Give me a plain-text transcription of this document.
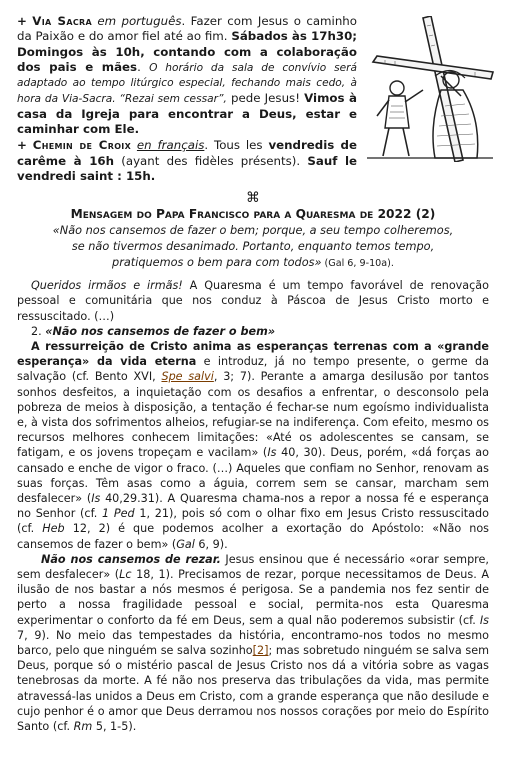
+ Via Sacra em português. Fazer com Jesus o caminho da Paixão e do amor fiel até ao fim. Sábados às 17h30; Domingos às 10h, contando com a colaboração dos pais e mães. O horário da sala de convívio será adaptado ao tempo litúrgico especial, fechando mais cedo, à hora da Via-Sacra. “Rezai sem cessar”, pede Jesus! Vimos à casa da Igreja para encontrar a Deus, estar e caminhar com Ele.
+ Chemin de Croix en français. Tous les vendredis de carême à 16h (ayant des fidèles présents). Sauf le vendredi saint : 15h.
⌘
Mensagem do Papa Francisco para a Quaresma de 2022 (2)

«Não nos cansemos de fazer o bem; porque, a seu tempo colheremos,

se não tivermos desanimado. Portanto, enquanto temos tempo,

pratiquemos o bem para com todos» (Gal 6, 9-10a).

Queridos irmãos e irmãs! A Quaresma é um tempo favorável de renovação pessoal e comunitária que nos conduz à Páscoa de Jesus Cristo morto e ressuscitado. (…)

2. «Não nos cansemos de fazer o bem»

A ressurreição de Cristo anima as esperanças terrenas com a «grande esperança» da vida eterna e introduz, já no tempo presente, o germe da salvação (cf. Bento XVI, Spe salvi, 3; 7). Perante a amarga desilusão por tantos sonhos desfeitos, a inquietação com os desafios a enfrentar, o desconsolo pela pobreza de meios à disposição, a tentação é fechar-se num egoísmo individualista e, à vista dos sofrimentos alheios, refugiar-se na indiferença. Com efeito, mesmo os recursos melhores conhecem limitações: «Até os adolescentes se cansam, se fatigam, e os jovens tropeçam e vacilam» (Is 40, 30). Deus, porém, «dá forças ao cansado e enche de vigor o fraco. (…) Aqueles que confiam no Senhor, renovam as suas forças. Têm asas como a águia, correm sem se cansar, marcham sem desfalecer» (Is 40,29.31). A Quaresma chama-nos a repor a nossa fé e esperança no Senhor (cf. 1 Ped 1, 21), pois só com o olhar fixo em Jesus Cristo ressuscitado (cf. Heb 12, 2) é que podemos acolher a exortação do Apóstolo: «Não nos cansemos de fazer o bem» (Gal 6, 9).

Não nos cansemos de rezar. Jesus ensinou que é necessário «orar sempre, sem desfalecer» (Lc 18, 1). Precisamos de rezar, porque necessitamos de Deus. A ilusão de nos bastar a nós mesmos é perigosa. Se a pandemia nos fez sentir de perto a nossa fragilidade pessoal e social, permita-nos esta Quaresma experimentar o conforto da fé em Deus, sem a qual não poderemos subsistir (cf. Is 7, 9). No meio das tempestades da história, encontramo-nos todos no mesmo barco, pelo que ninguém se salva sozinho[2]; mas sobretudo ninguém se salva sem Deus, porque só o mistério pascal de Jesus Cristo nos dá a vitória sobre as vagas tenebrosas da morte. A fé não nos preserva das tribulações da vida, mas permite atravessá-las unidos a Deus em Cristo, com a grande esperança que não desilude e cujo penhor é o amor que Deus derramou nos nossos corações por meio do Espírito Santo (cf. Rm 5, 1-5).
